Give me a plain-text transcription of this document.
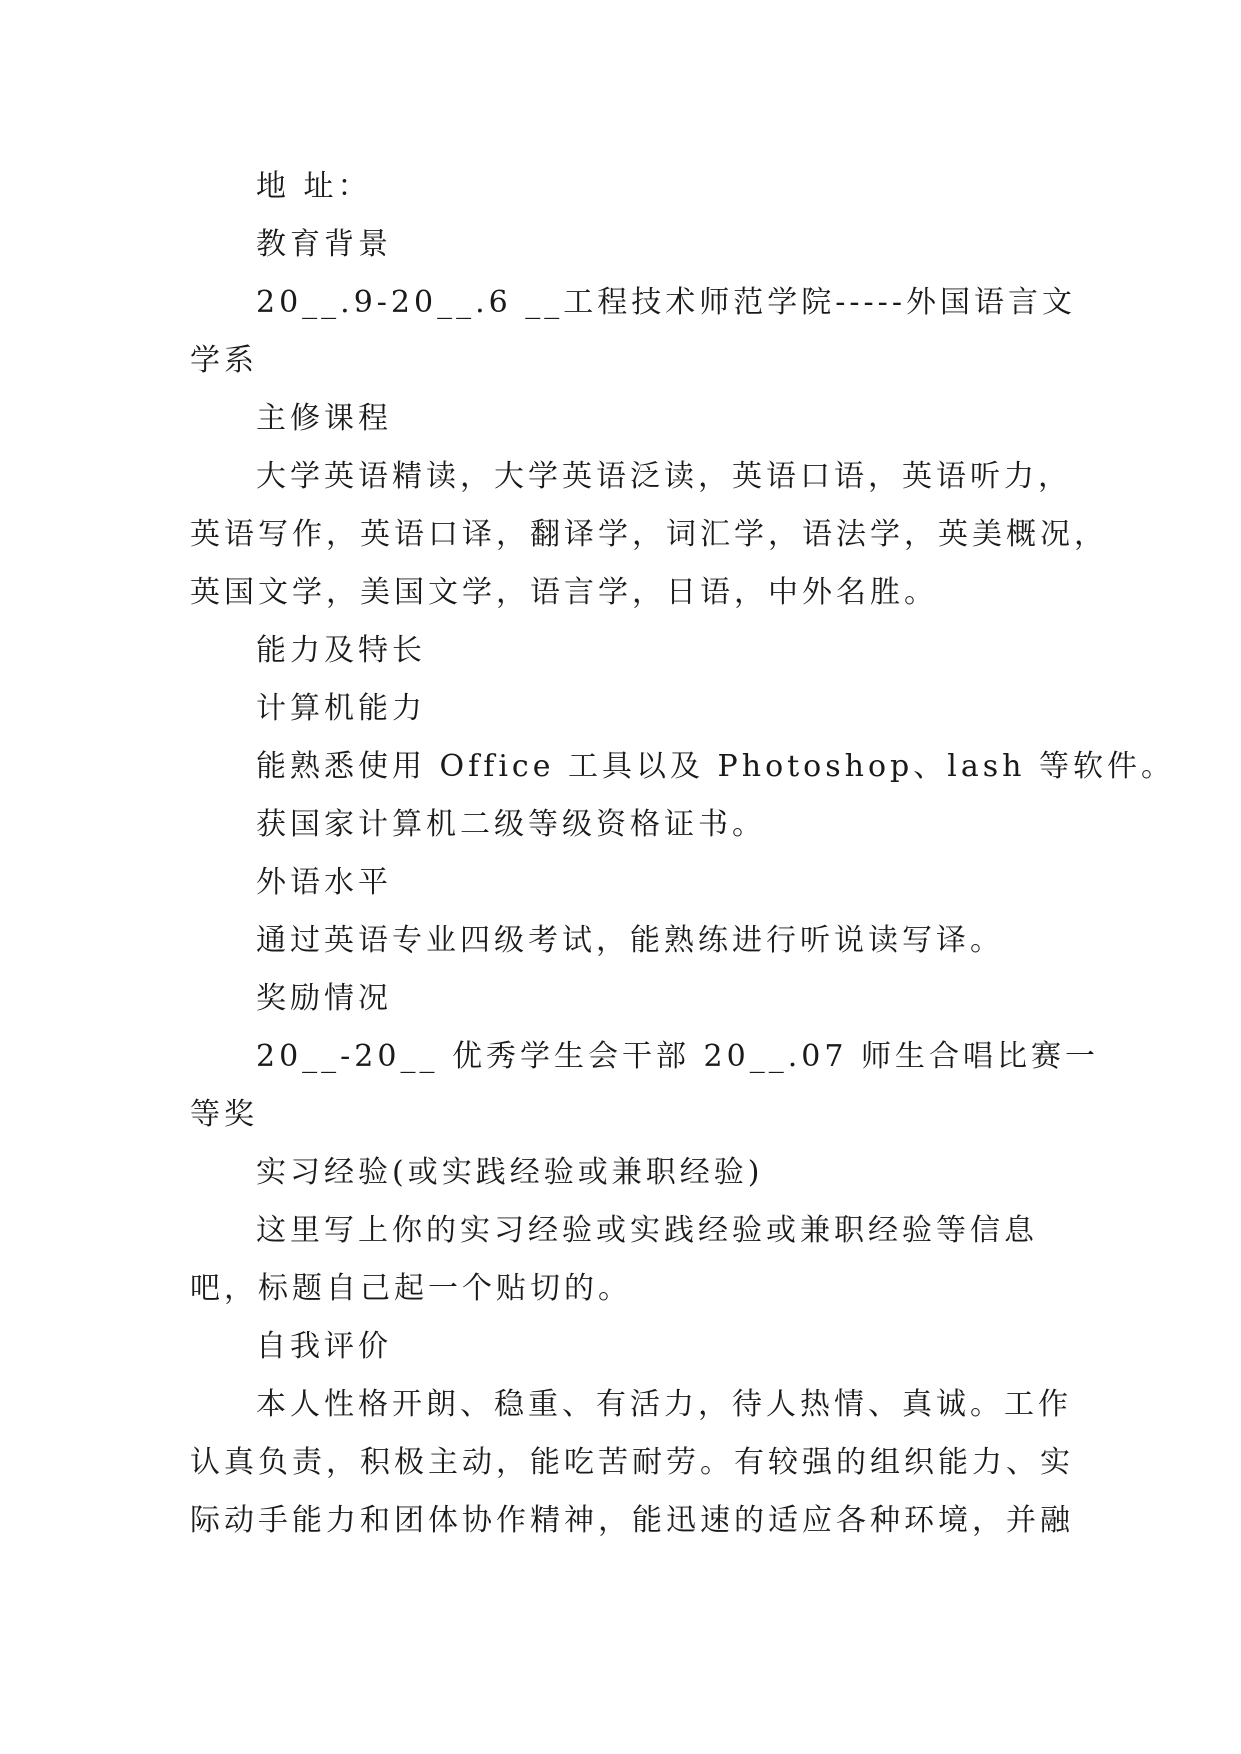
地 址：
教育背景
20__.9-20__.6 __工程技术师范学院-----外国语言文
学系
主修课程
大学英语精读，大学英语泛读，英语口语，英语听力，
英语写作，英语口译，翻译学，词汇学，语法学，英美概况，
英国文学，美国文学，语言学，日语，中外名胜。
能力及特长
计算机能力
能熟悉使用 Office 工具以及 Photoshop、lash 等软件。
获国家计算机二级等级资格证书。
外语水平
通过英语专业四级考试，能熟练进行听说读写译。
奖励情况
20__-20__ 优秀学生会干部 20__.07 师生合唱比赛一
等奖
实习经验(或实践经验或兼职经验)
这里写上你的实习经验或实践经验或兼职经验等信息
吧，标题自己起一个贴切的。
自我评价
本人性格开朗、稳重、有活力，待人热情、真诚。工作
认真负责，积极主动，能吃苦耐劳。有较强的组织能力、实
际动手能力和团体协作精神，能迅速的适应各种环境，并融
